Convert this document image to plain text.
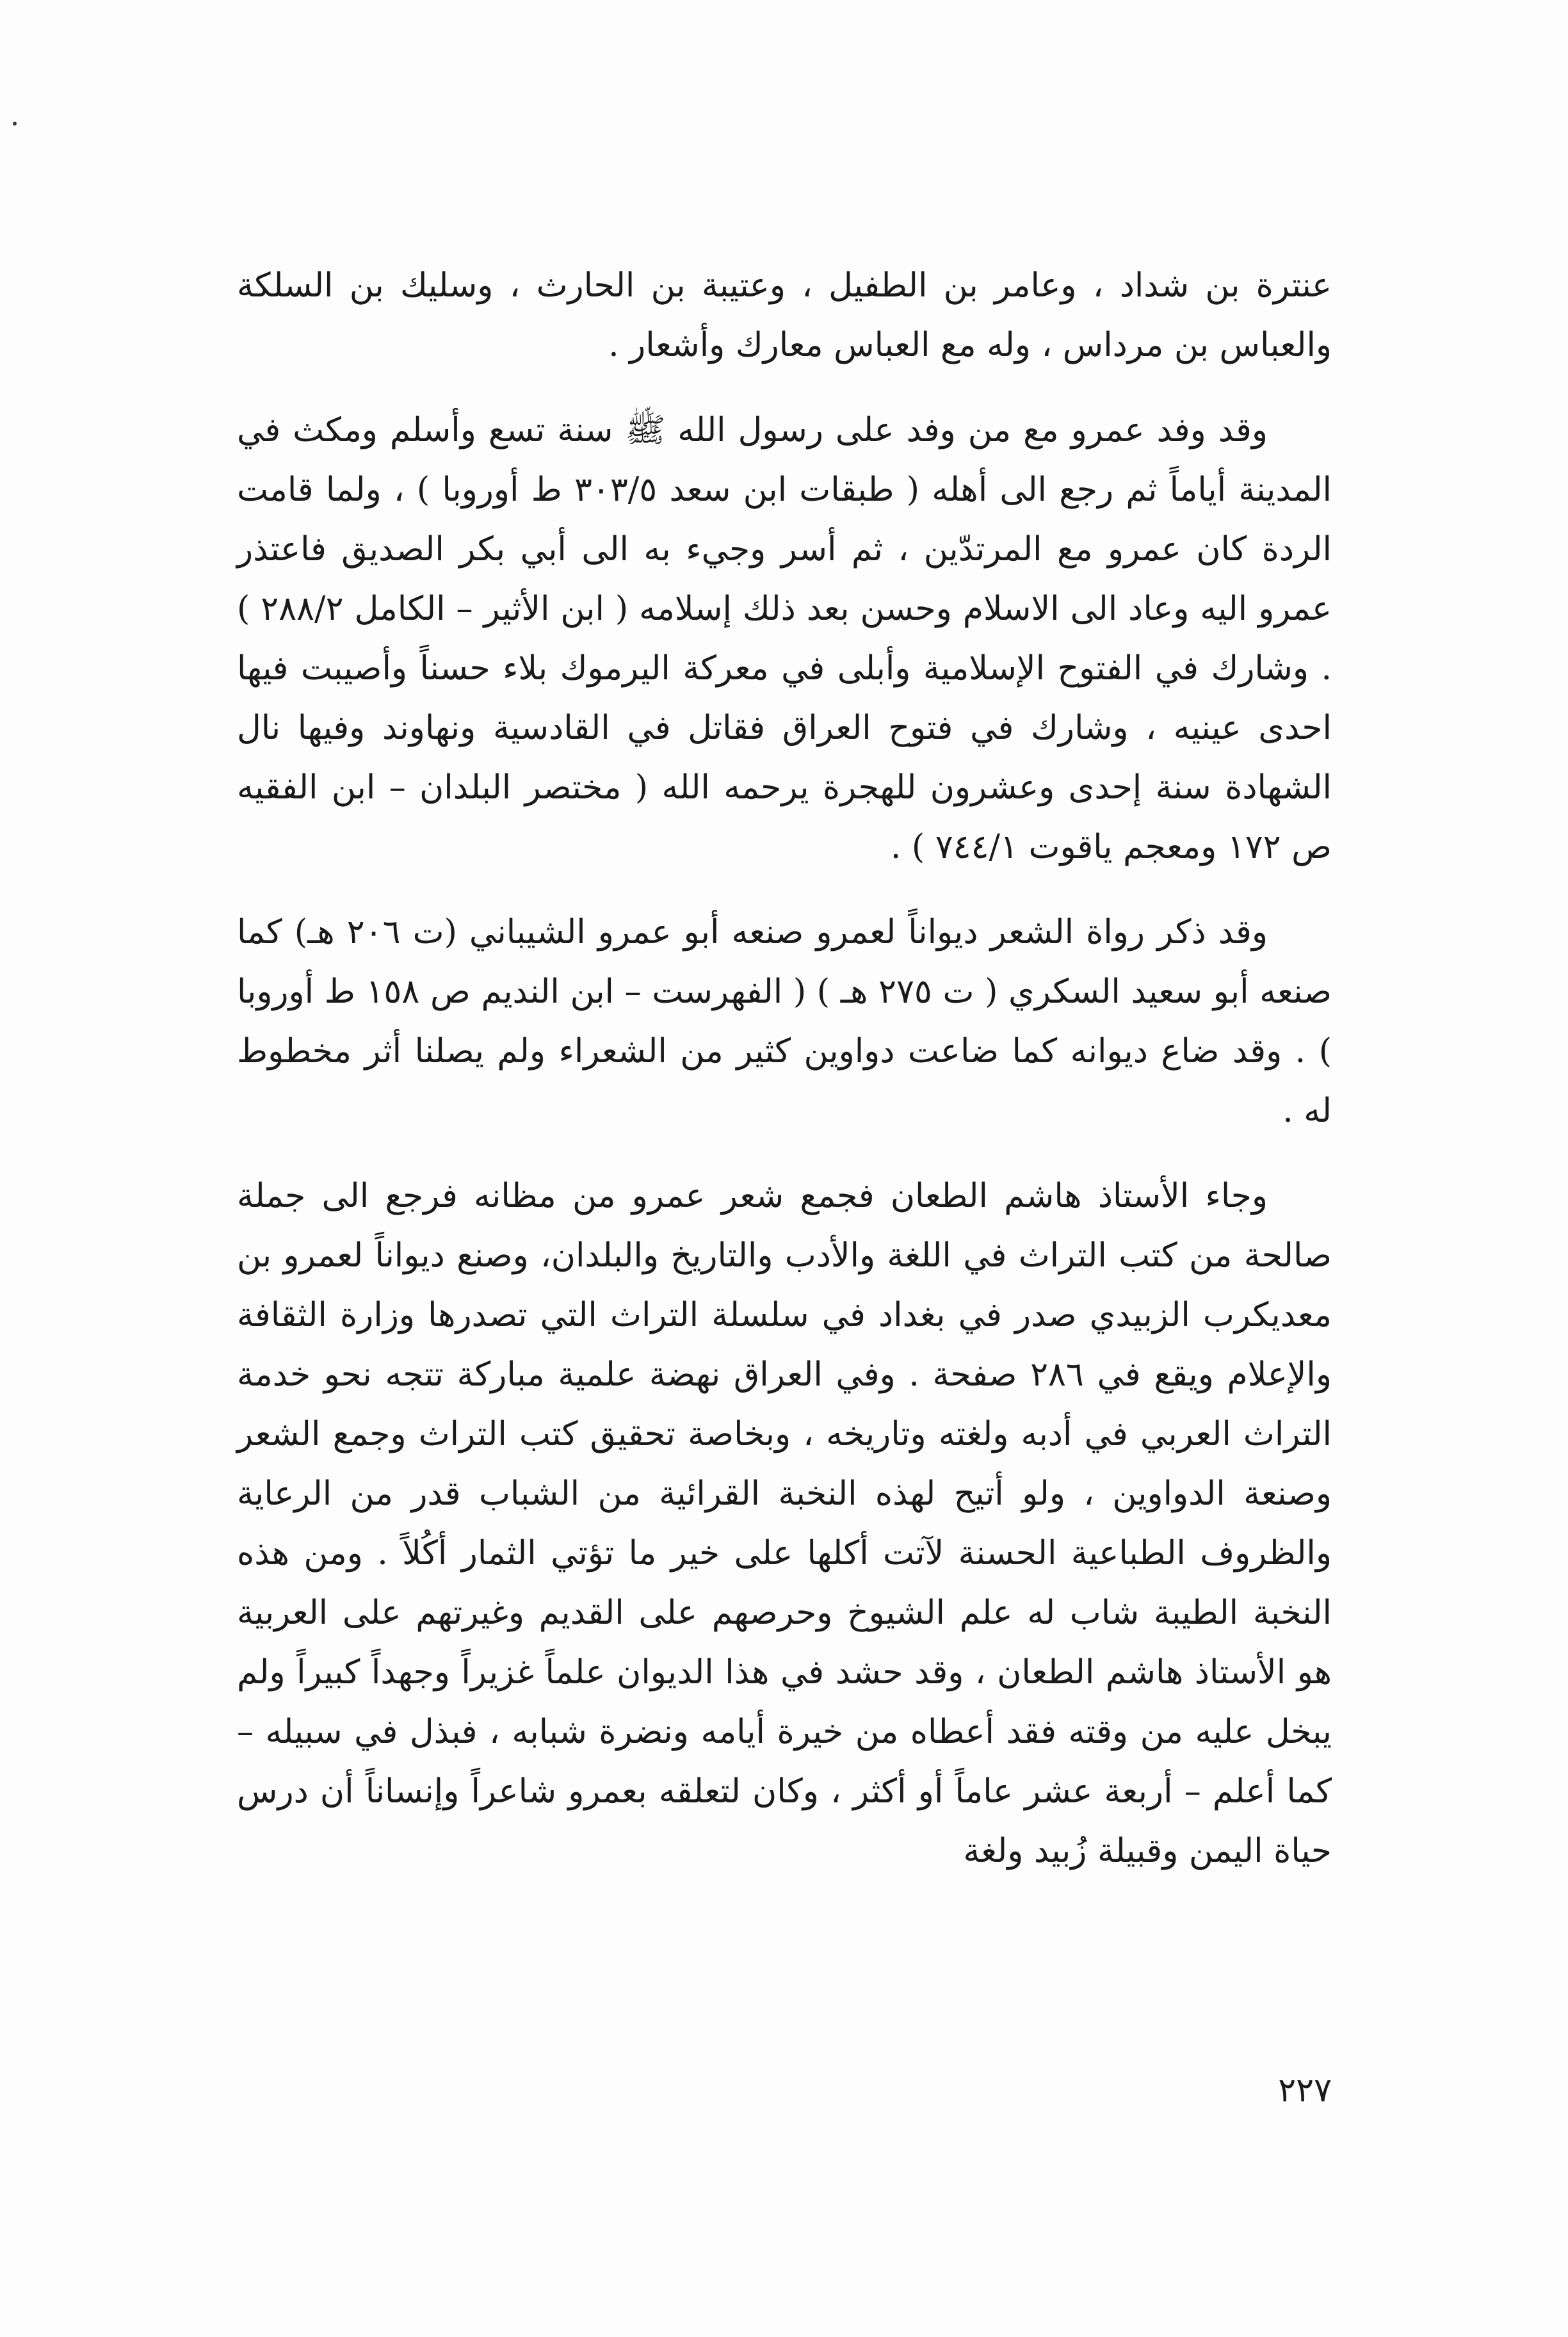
عنترة بن شداد ، وعامر بن الطفيل ، وعتيبة بن الحارث ، وسليك بن السلكة والعباس بن مرداس ، وله مع العباس معارك وأشعار .

وقد وفد عمرو مع من وفد على رسول الله ﷺ سنة تسع وأسلم ومكث في المدينة أياماً ثم رجع الى أهله ( طبقات ابن سعد ٣٠٣/٥ ط أوروبا ) ، ولما قامت الردة كان عمرو مع المرتدّين ، ثم أسر وجيء به الى أبي بكر الصديق فاعتذر عمرو اليه وعاد الى الاسلام وحسن بعد ذلك إسلامه ( ابن الأثير – الكامل ٢٨٨/٢ ) . وشارك في الفتوح الإسلامية وأبلى في معركة اليرموك بلاء حسناً وأصيبت فيها احدى عينيه ، وشارك في فتوح العراق فقاتل في القادسية ونهاوند وفيها نال الشهادة سنة إحدى وعشرون للهجرة يرحمه الله ( مختصر البلدان – ابن الفقيه ص ١٧٢ ومعجم ياقوت ٧٤٤/١ ) .

وقد ذكر رواة الشعر ديواناً لعمرو صنعه أبو عمرو الشيباني (ت ٢٠٦ هـ) كما صنعه أبو سعيد السكري ( ت ٢٧٥ هـ ) ( الفهرست – ابن النديم ص ١٥٨ ط أوروبا ) . وقد ضاع ديوانه كما ضاعت دواوين كثير من الشعراء ولم يصلنا أثر مخطوط له .

وجاء الأستاذ هاشم الطعان فجمع شعر عمرو من مظانه فرجع الى جملة صالحة من كتب التراث في اللغة والأدب والتاريخ والبلدان، وصنع ديواناً لعمرو بن معديكرب الزبيدي صدر في بغداد في سلسلة التراث التي تصدرها وزارة الثقافة والإعلام ويقع في ٢٨٦ صفحة . وفي العراق نهضة علمية مباركة تتجه نحو خدمة التراث العربي في أدبه ولغته وتاريخه ، وبخاصة تحقيق كتب التراث وجمع الشعر وصنعة الدواوين ، ولو أتيح لهذه النخبة القرائية من الشباب قدر من الرعاية والظروف الطباعية الحسنة لآتت أكلها على خير ما تؤتي الثمار أكُلاً . ومن هذه النخبة الطيبة شاب له علم الشيوخ وحرصهم على القديم وغيرتهم على العربية هو الأستاذ هاشم الطعان ، وقد حشد في هذا الديوان علماً غزيراً وجهداً كبيراً ولم يبخل عليه من وقته فقد أعطاه من خيرة أيامه ونضرة شبابه ، فبذل في سبيله – كما أعلم – أربعة عشر عاماً أو أكثر ، وكان لتعلقه بعمرو شاعراً وإنساناً أن درس حياة اليمن وقبيلة زُبيد ولغة

٢٢٧
